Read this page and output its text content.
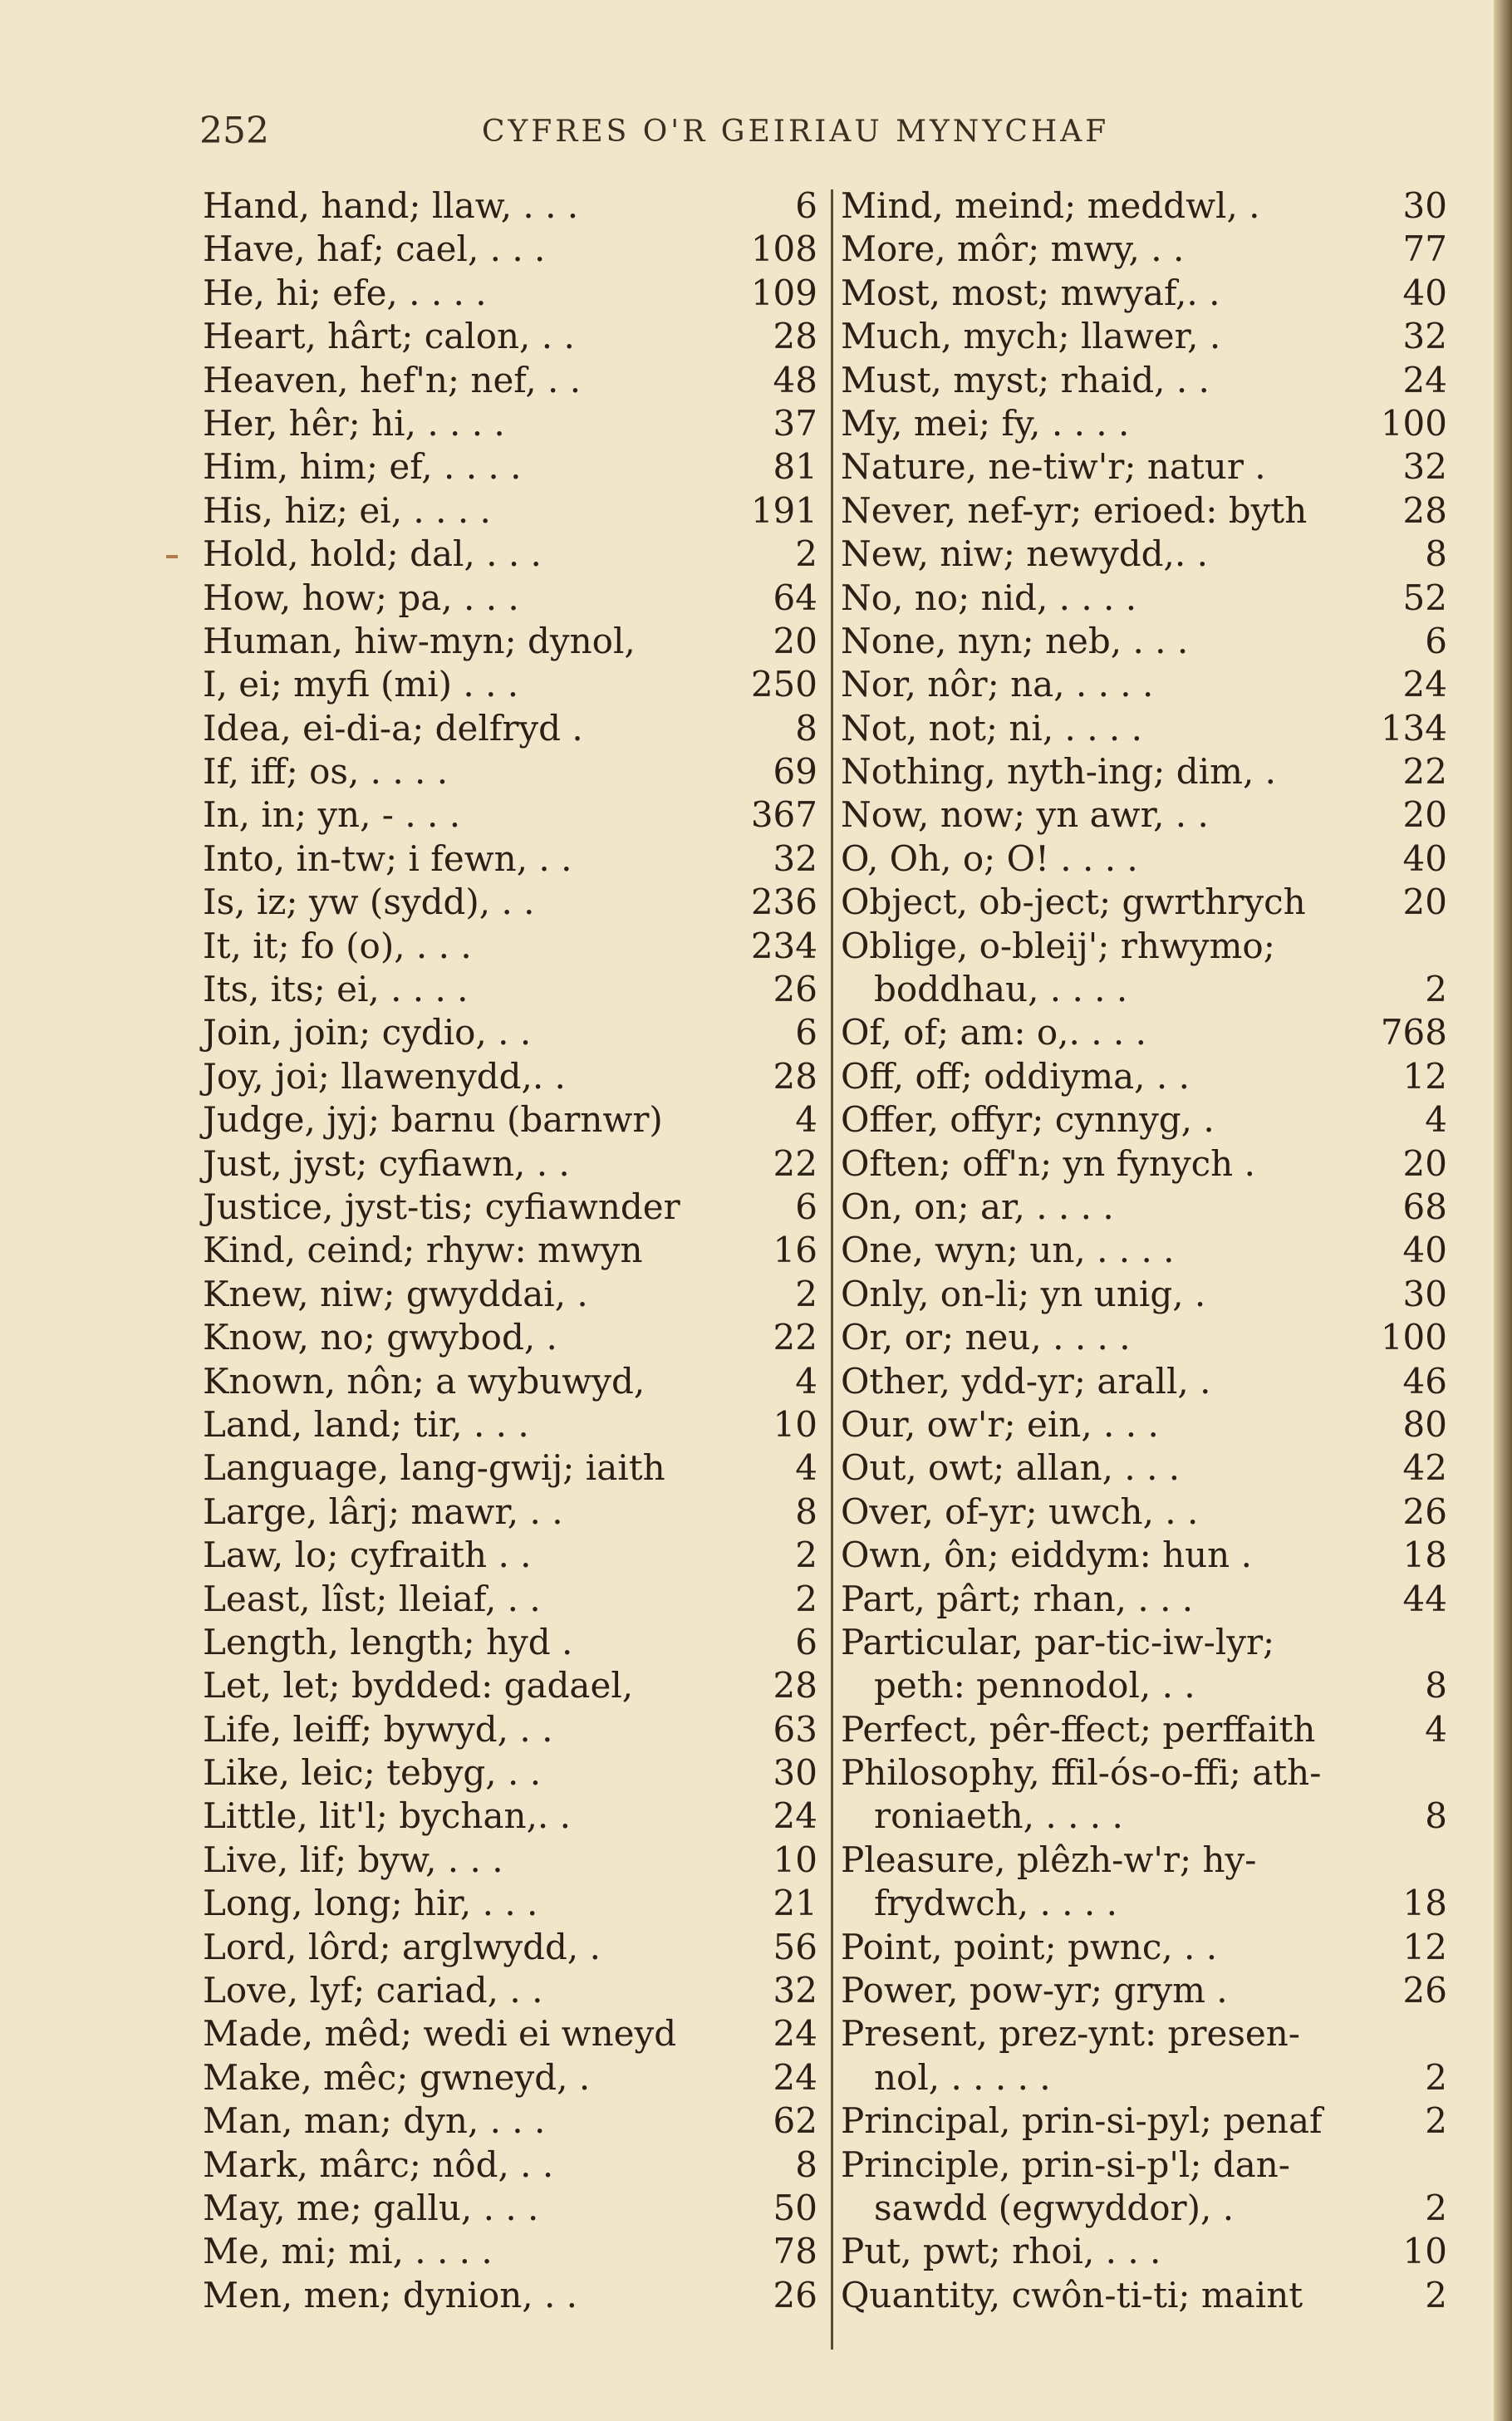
252	CYFRES O'R GEIRIAU MYNYCHAF
Hand, hand; llaw, . . .	6
Have, haf; cael, . . .	108
He, hi; efe, . . . .	109
Heart, hârt; calon, . .	28
Heaven, hef'n; nef, . .	48
Her, hêr; hi, . . . .	37
Him, him; ef, . . . .	81
His, hiz; ei, . . . .	191
Hold, hold; dal, . . .	2
How, how; pa, . . .	64
Human, hiw-myn; dynol,	20
I, ei; myfi (mi) . . .	250
Idea, ei-di-a; delfryd .	8
If, iff; os, . . . .	69
In, in; yn, - . . .	367
Into, in-tw; i fewn, . .	32
Is, iz; yw (sydd), . .	236
It, it; fo (o), . . .	234
Its, its; ei, . . . .	26
Join, join; cydio, . .	6
Joy, joi; llawenydd,. .	28
Judge, jyj; barnu (barnwr)	4
Just, jyst; cyfiawn, . .	22
Justice, jyst-tis; cyfiawnder	6
Kind, ceind; rhyw: mwyn	16
Knew, niw; gwyddai, .	2
Know, no; gwybod, .	22
Known, nôn; a wybuwyd,	4
Land, land; tir, . . .	10
Language, lang-gwij; iaith	4
Large, lârj; mawr, . .	8
Law, lo; cyfraith . .	2
Least, lîst; lleiaf, . .	2
Length, length; hyd .	6
Let, let; bydded: gadael,	28
Life, leiff; bywyd, . .	63
Like, leic; tebyg, . .	30
Little, lit'l; bychan,. .	24
Live, lif; byw, . . .	10
Long, long; hir, . . .	21
Lord, lôrd; arglwydd, .	56
Love, lyf; cariad, . .	32
Made, mêd; wedi ei wneyd	24
Make, mêc; gwneyd, .	24
Man, man; dyn, . . .	62
Mark, mârc; nôd, . .	8
May, me; gallu, . . .	50
Me, mi; mi, . . . .	78
Men, men; dynion, . .	26
Mind, meind; meddwl, .	30
More, môr; mwy, . .	77
Most, most; mwyaf,. .	40
Much, mych; llawer, .	32
Must, myst; rhaid, . .	24
My, mei; fy, . . . .	100
Nature, ne-tiw'r; natur .	32
Never, nef-yr; erioed: byth	28
New, niw; newydd,. .	8
No, no; nid, . . . .	52
None, nyn; neb, . . .	6
Nor, nôr; na, . . . .	24
Not, not; ni, . . . .	134
Nothing, nyth-ing; dim, .	22
Now, now; yn awr, . .	20
O, Oh, o; O! . . . .	40
Object, ob-ject; gwrthrych	20
Oblige, o-bleij'; rhwymo;
boddhau, . . . .	2
Of, of; am: o,. . . .	768
Off, off; oddiyma, . .	12
Offer, offyr; cynnyg, .	4
Often; off'n; yn fynych .	20
On, on; ar, . . . .	68
One, wyn; un, . . . .	40
Only, on-li; yn unig, .	30
Or, or; neu, . . . .	100
Other, ydd-yr; arall, .	46
Our, ow'r; ein, . . .	80
Out, owt; allan, . . .	42
Over, of-yr; uwch, . .	26
Own, ôn; eiddym: hun .	18
Part, pârt; rhan, . . .	44
Particular, par-tic-iw-lyr;
peth: pennodol, . .	8
Perfect, pêr-ffect; perffaith	4
Philosophy, ffil-ós-o-ffi; ath-
roniaeth, . . . .	8
Pleasure, plêzh-w'r; hy-
frydwch, . . . .	18
Point, point; pwnc, . .	12
Power, pow-yr; grym .	26
Present, prez-ynt: presen-
nol, . . . . .	2
Principal, prin-si-pyl; penaf	2
Principle, prin-si-p'l; dan-
sawdd (egwyddor), .	2
Put, pwt; rhoi, . . .	10
Quantity, cwôn-ti-ti; maint	2
